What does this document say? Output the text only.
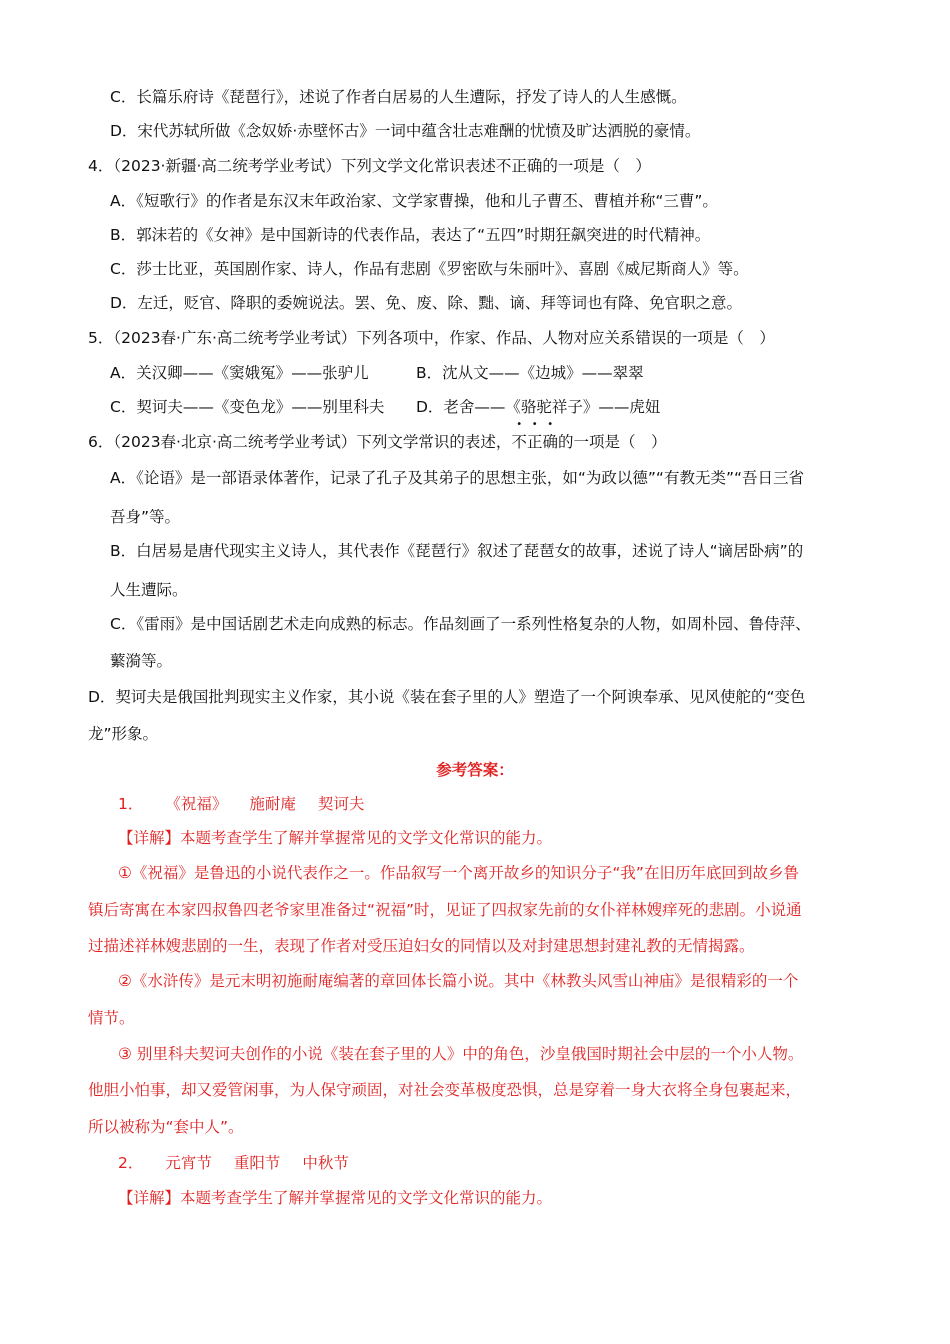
C．长篇乐府诗《琵琶行》，述说了作者白居易的人生遭际，抒发了诗人的人生感慨。
D．宋代苏轼所做《念奴娇·赤壁怀古》一词中蕴含壮志难酬的忧愤及旷达洒脱的豪情。
4．（2023·新疆·高二统考学业考试）下列文学文化常识表述不正确的一项是（　）
A．《短歌行》的作者是东汉末年政治家、文学家曹操，他和儿子曹丕、曹植并称“三曹”。
B．郭沫若的《女神》是中国新诗的代表作品，表达了“五四”时期狂飙突进的时代精神。
C．莎士比亚，英国剧作家、诗人，作品有悲剧《罗密欧与朱丽叶》、喜剧《威尼斯商人》等。
D．左迁，贬官、降职的委婉说法。罢、免、废、除、黜、谪、拜等词也有降、免官职之意。
5．（2023春·广东·高二统考学业考试）下列各项中，作家、作品、人物对应关系错误的一项是（　）
A．关汉卿——《窦娥冤》——张驴儿	B．沈从文——《边城》——翠翠
C．契诃夫——《变色龙》——别里科夫 D．老舍——《骆驼祥子》——虎妞
6．（2023春·北京·高二统考学业考试）下列文学常识的表述，不正确的一项是（　）
A．《论语》是一部语录体著作，记录了孔子及其弟子的思想主张，如“为政以德”“有教无类”“吾日三省
吾身”等。
B．白居易是唐代现实主义诗人，其代表作《琵琶行》叙述了琵琶女的故事，述说了诗人“谪居卧病”的
人生遭际。
C．《雷雨》是中国话剧艺术走向成熟的标志。作品刻画了一系列性格复杂的人物，如周朴园、鲁侍萍、
蘩漪等。
D．契诃夫是俄国批判现实主义作家，其小说《装在套子里的人》塑造了一个阿谀奉承、见风使舵的“变色
龙”形象。
参考答案：
1． 《祝福》 施耐庵 契诃夫
【详解】本题考查学生了解并掌握常见的文学文化常识的能力。
①《祝福》是鲁迅的小说代表作之一。作品叙写一个离开故乡的知识分子“我”在旧历年底回到故乡鲁
镇后寄寓在本家四叔鲁四老爷家里准备过“祝福”时，见证了四叔家先前的女仆祥林嫂痒死的悲剧。小说通
过描述祥林嫂悲剧的一生，表现了作者对受压迫妇女的同情以及对封建思想封建礼教的无情揭露。
②《水浒传》是元末明初施耐庵编著的章回体长篇小说。其中《林教头风雪山神庙》是很精彩的一个
情节。
③ 别里科夫契诃夫创作的小说《装在套子里的人》中的角色，沙皇俄国时期社会中层的一个小人物。
他胆小怕事，却又爱管闲事，为人保守顽固，对社会变革极度恐惧，总是穿着一身大衣将全身包裹起来，
所以被称为“套中人”。
2． 元宵节 重阳节 中秋节
【详解】本题考查学生了解并掌握常见的文学文化常识的能力。
